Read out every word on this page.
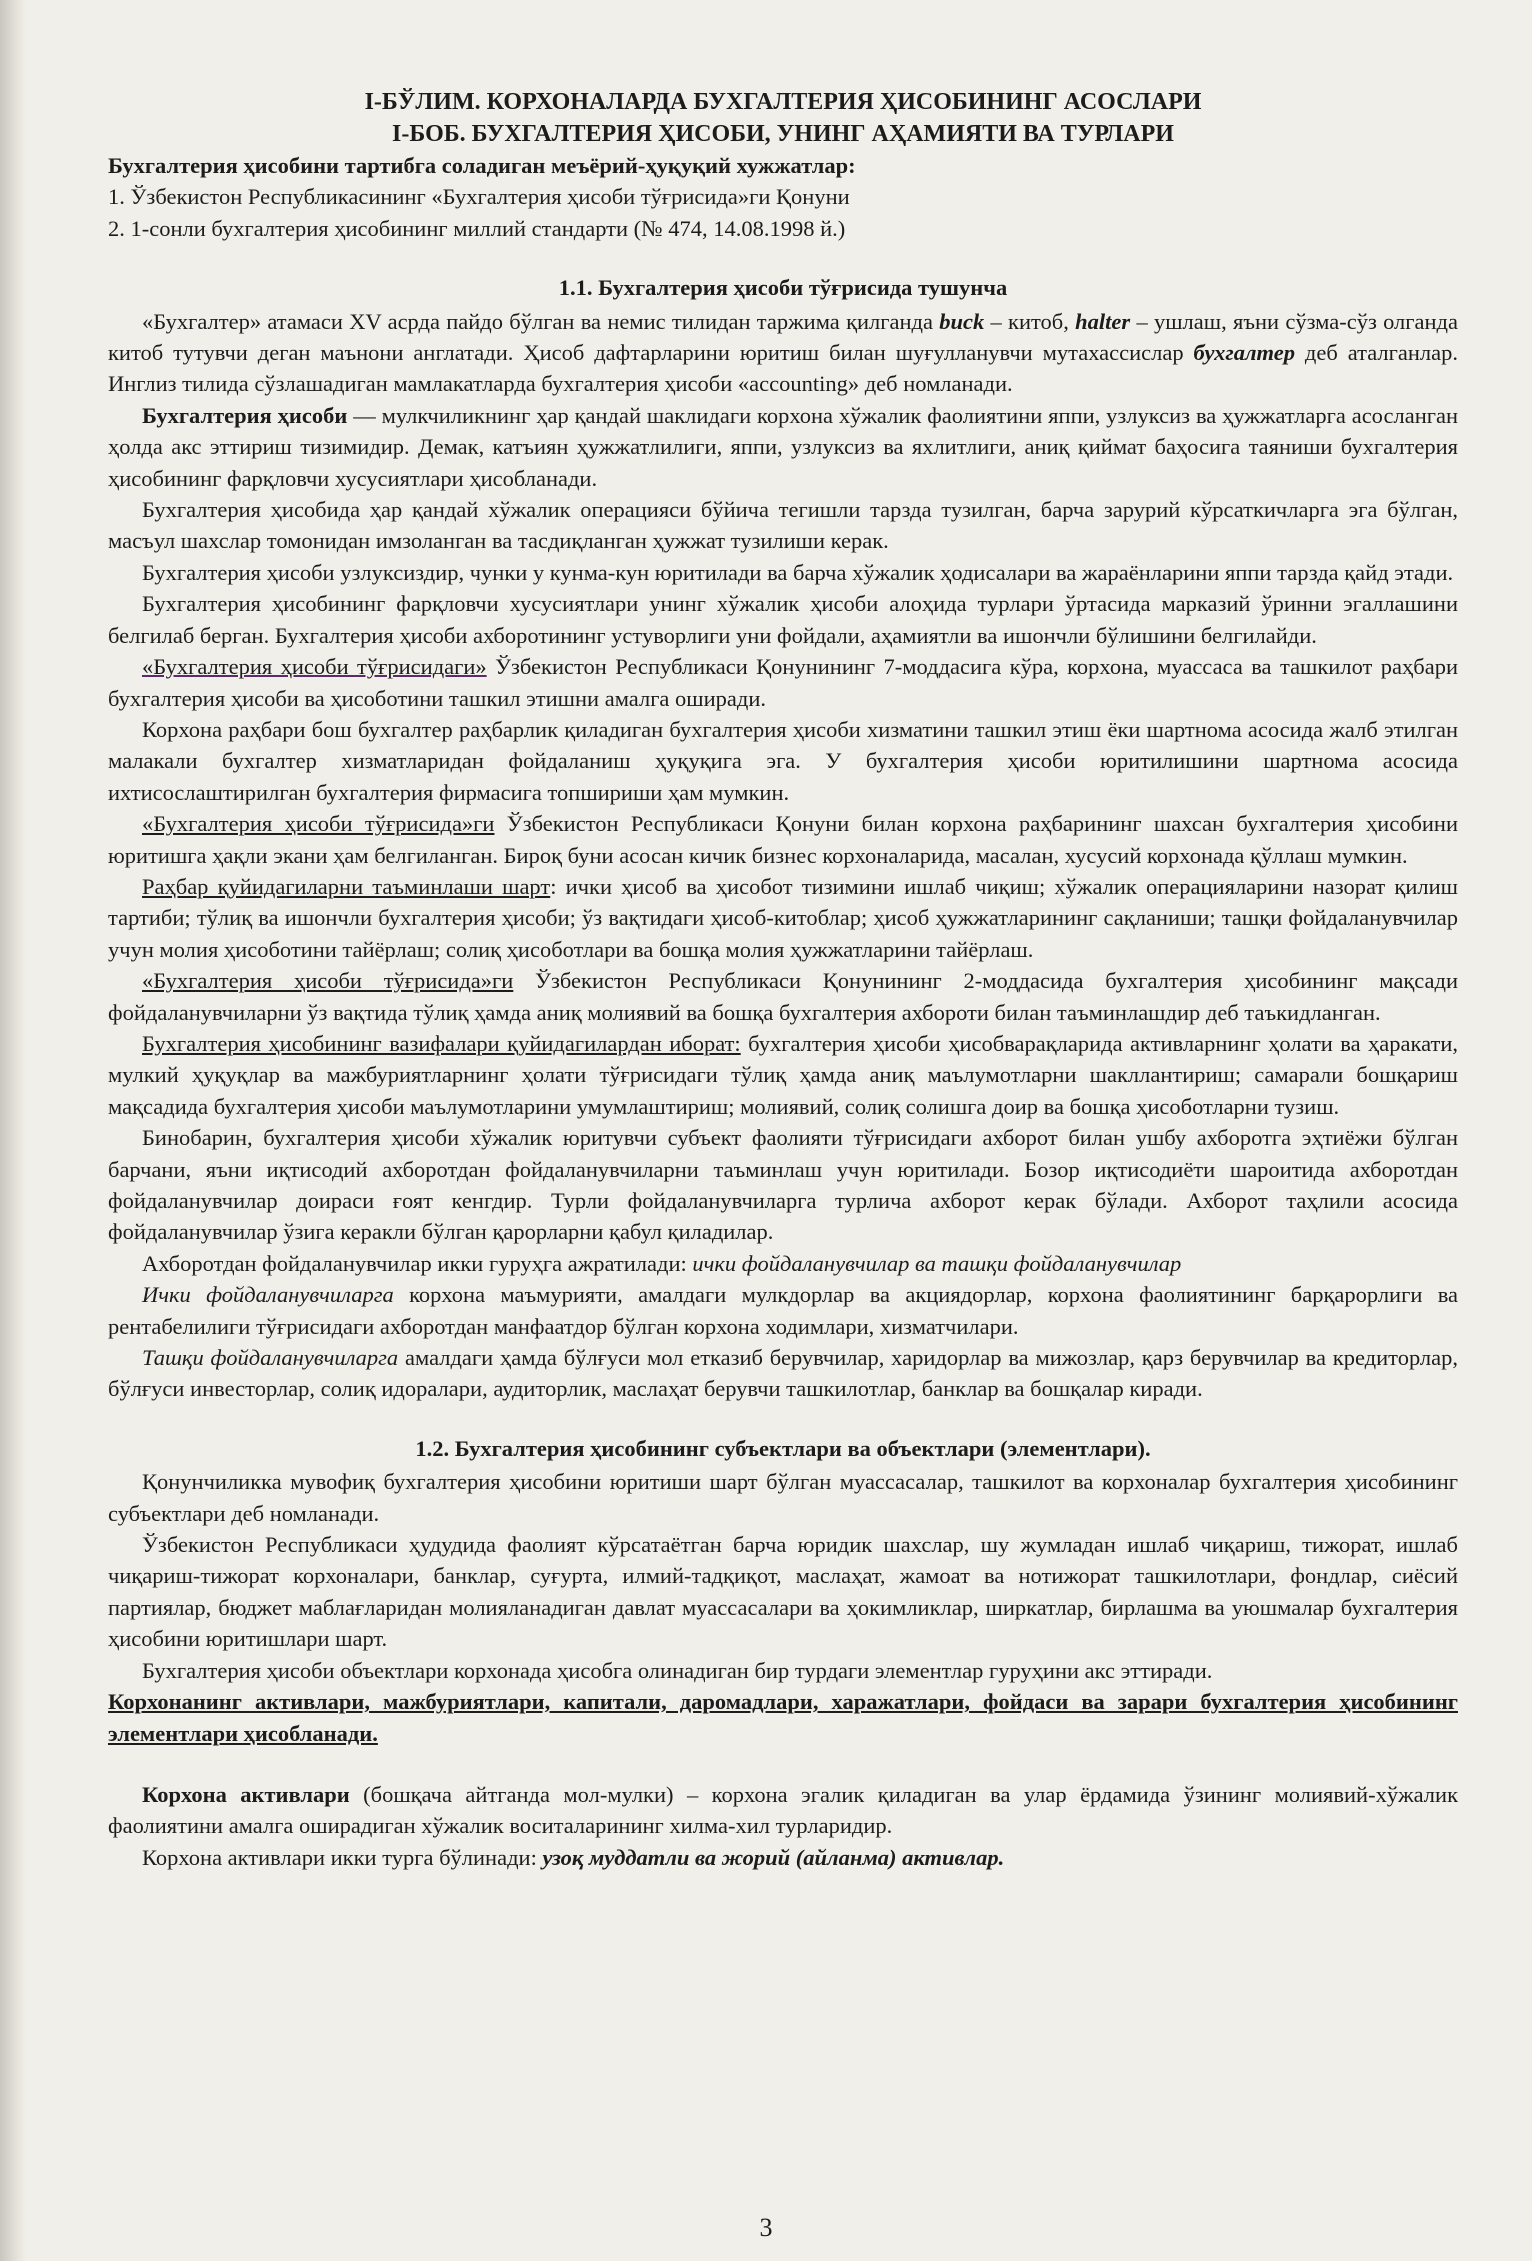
І-БЎЛИМ. КОРХОНАЛАРДА БУХГАЛТЕРИЯ ҲИСОБИНИНГ АСОСЛАРИ
І-БОБ. БУХГАЛТЕРИЯ ҲИСОБИ, УНИНГ АҲАМИЯТИ ВА ТУРЛАРИ
Бухгалтерия ҳисобини тартибга соладиган меъёрий-ҳуқуқий хужжатлар:
1. Ўзбекистон Республикасининг «Бухгалтерия ҳисоби тўғрисида»ги Қонуни
2. 1-сонли бухгалтерия ҳисобининг миллий стандарти (№ 474, 14.08.1998 й.)
1.1. Бухгалтерия ҳисоби тўғрисида тушунча

«Бухгалтер» атамаси XV асрда пайдо бўлган ва немис тилидан таржима қилганда buck – китоб, halter – ушлаш, яъни сўзма-сўз олганда китоб тутувчи деган маънони англатади. Ҳисоб дафтарларини юритиш билан шуғулланувчи мутахассислар бухгалтер деб аталганлар. Инглиз тилида сўзлашадиган мамлакатларда бухгалтерия ҳисоби «accounting» деб номланади.

Бухгалтерия ҳисоби — мулкчиликнинг ҳар қандай шаклидаги корхона хўжалик фаолиятини яппи, узлуксиз ва ҳужжатларга асосланган ҳолда акс эттириш тизимидир. Демак, катъиян ҳужжатлилиги, яппи, узлуксиз ва яхлитлиги, аниқ қиймат баҳосига таяниши бухгалтерия ҳисобининг фарқловчи хусусиятлари ҳисобланади.

Бухгалтерия ҳисобида ҳар қандай хўжалик операцияси бўйича тегишли тарзда тузилган, барча зарурий кўрсаткичларга эга бўлган, масъул шахслар томонидан имзоланган ва тасдиқланган ҳужжат тузилиши керак.

Бухгалтерия ҳисоби узлуксиздир, чунки у кунма-кун юритилади ва барча хўжалик ҳодисалари ва жараёнларини яппи тарзда қайд этади.

Бухгалтерия ҳисобининг фарқловчи хусусиятлари унинг хўжалик ҳисоби алоҳида турлари ўртасида марказий ўринни эгаллашини белгилаб берган. Бухгалтерия ҳисоби ахборотининг устуворлиги уни фойдали, аҳамиятли ва ишончли бўлишини белгилайди.

«Бухгалтерия ҳисоби тўғрисидаги» Ўзбекистон Республикаси Қонунининг 7-моддасига кўра, корхона, муассаса ва ташкилот раҳбари бухгалтерия ҳисоби ва ҳисоботини ташкил этишни амалга оширади.

Корхона раҳбари бош бухгалтер раҳбарлик қиладиган бухгалтерия ҳисоби хизматини ташкил этиш ёки шартнома асосида жалб этилган малакали бухгалтер хизматларидан фойдаланиш ҳуқуқига эга. У бухгалтерия ҳисоби юритилишини шартнома асосида ихтисослаштирилган бухгалтерия фирмасига топшириши ҳам мумкин.

«Бухгалтерия ҳисоби тўғрисида»ги Ўзбекистон Республикаси Қонуни билан корхона раҳбарининг шахсан бухгалтерия ҳисобини юритишга ҳақли экани ҳам белгиланган. Бироқ буни асосан кичик бизнес корхоналарида, масалан, хусусий корхонада қўллаш мумкин.

Раҳбар қуйидагиларни таъминлаши шарт: ички ҳисоб ва ҳисобот тизимини ишлаб чиқиш; хўжалик операцияларини назорат қилиш тартиби; тўлиқ ва ишончли бухгалтерия ҳисоби; ўз вақтидаги ҳисоб-китоблар; ҳисоб ҳужжатларининг сақланиши; ташқи фойдаланувчилар учун молия ҳисоботини тайёрлаш; солиқ ҳисоботлари ва бошқа молия ҳужжатларини тайёрлаш.

«Бухгалтерия ҳисоби тўғрисида»ги Ўзбекистон Республикаси Қонунининг 2-моддасида бухгалтерия ҳисобининг мақсади фойдаланувчиларни ўз вақтида тўлиқ ҳамда аниқ молиявий ва бошқа бухгалтерия ахбороти билан таъминлашдир деб таъкидланган.

Бухгалтерия ҳисобининг вазифалари қуйидагилардан иборат: бухгалтерия ҳисоби ҳисобварақларида активларнинг ҳолати ва ҳаракати, мулкий ҳуқуқлар ва мажбуриятларнинг ҳолати тўғрисидаги тўлиқ ҳамда аниқ маълумотларни шакллантириш; самарали бошқариш мақсадида бухгалтерия ҳисоби маълумотларини умумлаштириш; молиявий, солиқ солишга доир ва бошқа ҳисоботларни тузиш.

Бинобарин, бухгалтерия ҳисоби хўжалик юритувчи субъект фаолияти тўғрисидаги ахборот билан ушбу ахборотга эҳтиёжи бўлган барчани, яъни иқтисодий ахборотдан фойдаланувчиларни таъминлаш учун юритилади. Бозор иқтисодиёти шароитида ахборотдан фойдаланувчилар доираси ғоят кенгдир. Турли фойдаланувчиларга турлича ахборот керак бўлади. Ахборот таҳлили асосида фойдаланувчилар ўзига керакли бўлган қарорларни қабул қиладилар.

Ахборотдан фойдаланувчилар икки гуруҳга ажратилади: ички фойдаланувчилар ва ташқи фойдаланувчилар

Ички фойдаланувчиларга корхона маъмурияти, амалдаги мулкдорлар ва акциядорлар, корхона фаолиятининг барқарорлиги ва рентабелилиги тўғрисидаги ахборотдан манфаатдор бўлган корхона ходимлари, хизматчилари.

Ташқи фойдаланувчиларга амалдаги ҳамда бўлғуси мол етказиб берувчилар, харидорлар ва мижозлар, қарз берувчилар ва кредиторлар, бўлғуси инвесторлар, солиқ идоралари, аудиторлик, маслаҳат берувчи ташкилотлар, банклар ва бошқалар киради.

1.2. Бухгалтерия ҳисобининг субъектлари ва объектлари (элементлари).

Қонунчиликка мувофиқ бухгалтерия ҳисобини юритиши шарт бўлган муассасалар, ташкилот ва корхоналар бухгалтерия ҳисобининг субъектлари деб номланади.

Ўзбекистон Республикаси ҳудудида фаолият кўрсатаётган барча юридик шахслар, шу жумладан ишлаб чиқариш, тижорат, ишлаб чиқариш-тижорат корхоналари, банклар, суғурта, илмий-тадқиқот, маслаҳат, жамоат ва нотижорат ташкилотлари, фондлар, сиёсий партиялар, бюджет маблағларидан молияланадиган давлат муассасалари ва ҳокимликлар, ширкатлар, бирлашма ва уюшмалар бухгалтерия ҳисобини юритишлари шарт.

Бухгалтерия ҳисоби объектлари корхонада ҳисобга олинадиган бир турдаги элементлар гуруҳини акс эттиради.

Корхонанинг активлари, мажбуриятлари, капитали, даромадлари, харажатлари, фойдаси ва зарари бухгалтерия ҳисобининг элементлари ҳисобланади.

Корхона активлари (бошқача айтганда мол-мулки) – корхона эгалик қиладиган ва улар ёрдамида ўзининг молиявий-хўжалик фаолиятини амалга оширадиган хўжалик воситаларининг хилма-хил турларидир.

Корхона активлари икки турга бўлинади: узоқ муддатли ва жорий (айланма) активлар.

3
